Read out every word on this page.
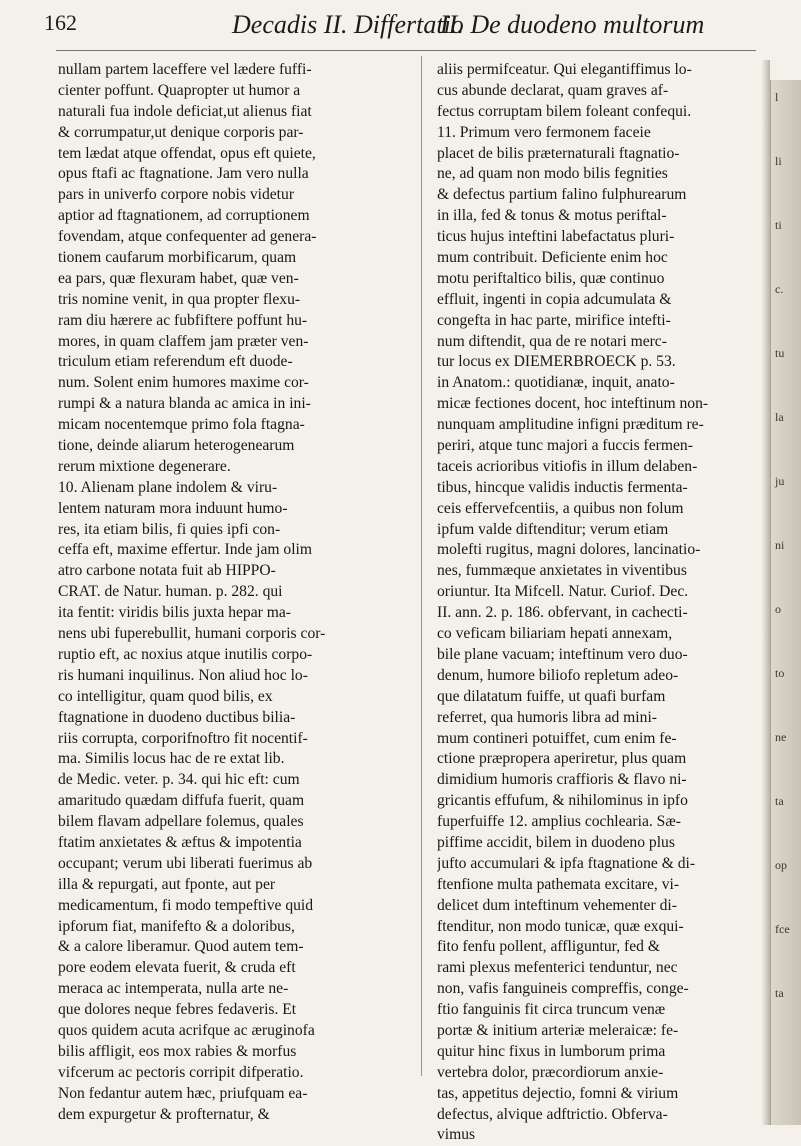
162	Decadis II. Differtatio
II. De duodeno multorum
nullam partem laceffere vel lædere fuffi-
cienter poffunt. Quapropter ut humor a
naturali fua indole deficiat,ut alienus fiat
& corrumpatur,ut denique corporis par-
tem lædat atque offendat, opus eft quiete,
opus ftafi ac ftagnatione. Jam vero nulla
pars in univerfo corpore nobis videtur
aptior ad ftagnationem, ad corruptionem
fovendam, atque confequenter ad genera-
tionem caufarum morbificarum, quam
ea pars, quæ flexuram habet, quæ ven-
tris nomine venit, in qua propter flexu-
ram diu hærere ac fubfiftere poffunt hu-
mores, in quam claffem jam præter ven-
triculum etiam referendum eft duode-
num. Solent enim humores maxime cor-
rumpi & a natura blanda ac amica in ini-
micam nocentemque primo fola ftagna-
tione, deinde aliarum heterogenearum
rerum mixtione degenerare.
10. Alienam plane indolem & viru-
lentem naturam mora induunt humo-
res, ita etiam bilis, fi quies ipfi con-
ceffa eft, maxime effertur. Inde jam olim
atro carbone notata fuit ab HIPPO-
CRAT. de Natur. human. p. 282. qui
ita fentit: viridis bilis juxta hepar ma-
nens ubi fuperebullit, humani corporis cor-
ruptio eft, ac noxius atque inutilis corpo-
ris humani inquilinus. Non aliud hoc lo-
co intelligitur, quam quod bilis, ex
ftagnatione in duodeno ductibus bilia-
riis corrupta, corporifnoftro fit nocentif-
ma. Similis locus hac de re extat lib.
de Medic. veter. p. 34. qui hic eft: cum
amaritudo quædam diffufa fuerit, quam
bilem flavam adpellare folemus, quales
ftatim anxietates & æftus & impotentia
occupant; verum ubi liberati fuerimus ab
illa & repurgati, aut fponte, aut per
medicamentum, fi modo tempeftive quid
ipforum fiat, manifefto & a doloribus,
& a calore liberamur. Quod autem tem-
pore eodem elevata fuerit, & cruda eft
meraca ac intemperata, nulla arte ne-
que dolores neque febres fedaveris. Et
quos quidem acuta acrifque ac æruginofa
bilis affligit, eos mox rabies & morfus
vifcerum ac pectoris corripit difperatio.
Non fedantur autem hæc, priufquam ea-
dem expurgetur & profternatur, &
aliis permifceatur. Qui elegantiffimus lo-
cus abunde declarat, quam graves af-
fectus corruptam bilem foleant confequi.
11. Primum vero fermonem faceie
placet de bilis præternaturali ftagnatio-
ne, ad quam non modo bilis fegnities
& defectus partium falino fulphurearum
in illa, fed & tonus & motus periftal-
ticus hujus inteftini labefactatus pluri-
mum contribuit. Deficiente enim hoc
motu periftaltico bilis, quæ continuo
effluit, ingenti in copia adcumulata &
congefta in hac parte, mirifice intefti-
num diftendit, qua de re notari merc-
tur locus ex DIEMERBROECK p. 53.
in Anatom.: quotidianæ, inquit, anato-
micæ fectiones docent, hoc inteftinum non-
nunquam amplitudine infigni præditum re-
periri, atque tunc majori a fuccis fermen-
taceis acrioribus vitiofis in illum delaben-
tibus, hincque validis inductis fermenta-
ceis effervefcentiis, a quibus non folum
ipfum valde diftenditur; verum etiam
molefti rugitus, magni dolores, lancinatio-
nes, fummæque anxietates in viventibus
oriuntur. Ita Mifcell. Natur. Curiof. Dec.
II. ann. 2. p. 186. obfervant, in cachecti-
co veficam biliariam hepati annexam,
bile plane vacuam; inteftinum vero duo-
denum, humore biliofo repletum adeo-
que dilatatum fuiffe, ut quafi burfam
referret, qua humoris libra ad mini-
mum contineri potuiffet, cum enim fe-
ctione præpropera aperiretur, plus quam
dimidium humoris craffioris & flavo ni-
gricantis effufum, & nihilominus in ipfo
fuperfuiffe 12. amplius cochlearia. Sæ-
piffime accidit, bilem in duodeno plus
jufto accumulari & ipfa ftagnatione & di-
ftenfione multa pathemata excitare, vi-
delicet dum inteftinum vehementer di-
ftenditur, non modo tunicæ, quæ exqui-
fito fenfu pollent, affliguntur, fed &
rami plexus mefenterici tenduntur, nec
non, vafis fanguineis compreffis, conge-
ftio fanguinis fit circa truncum venæ
portæ & initium arteriæ meleraicæ: fe-
quitur hinc fixus in lumborum prima
vertebra dolor, præcordiorum anxie-
tas, appetitus dejectio, fomni & virium
defectus, alvique adftrictio. Obferva-
vimus
l
li
ti
c.
tu
la
ju
ni
o
to
ne
ta
op
fce
ta
